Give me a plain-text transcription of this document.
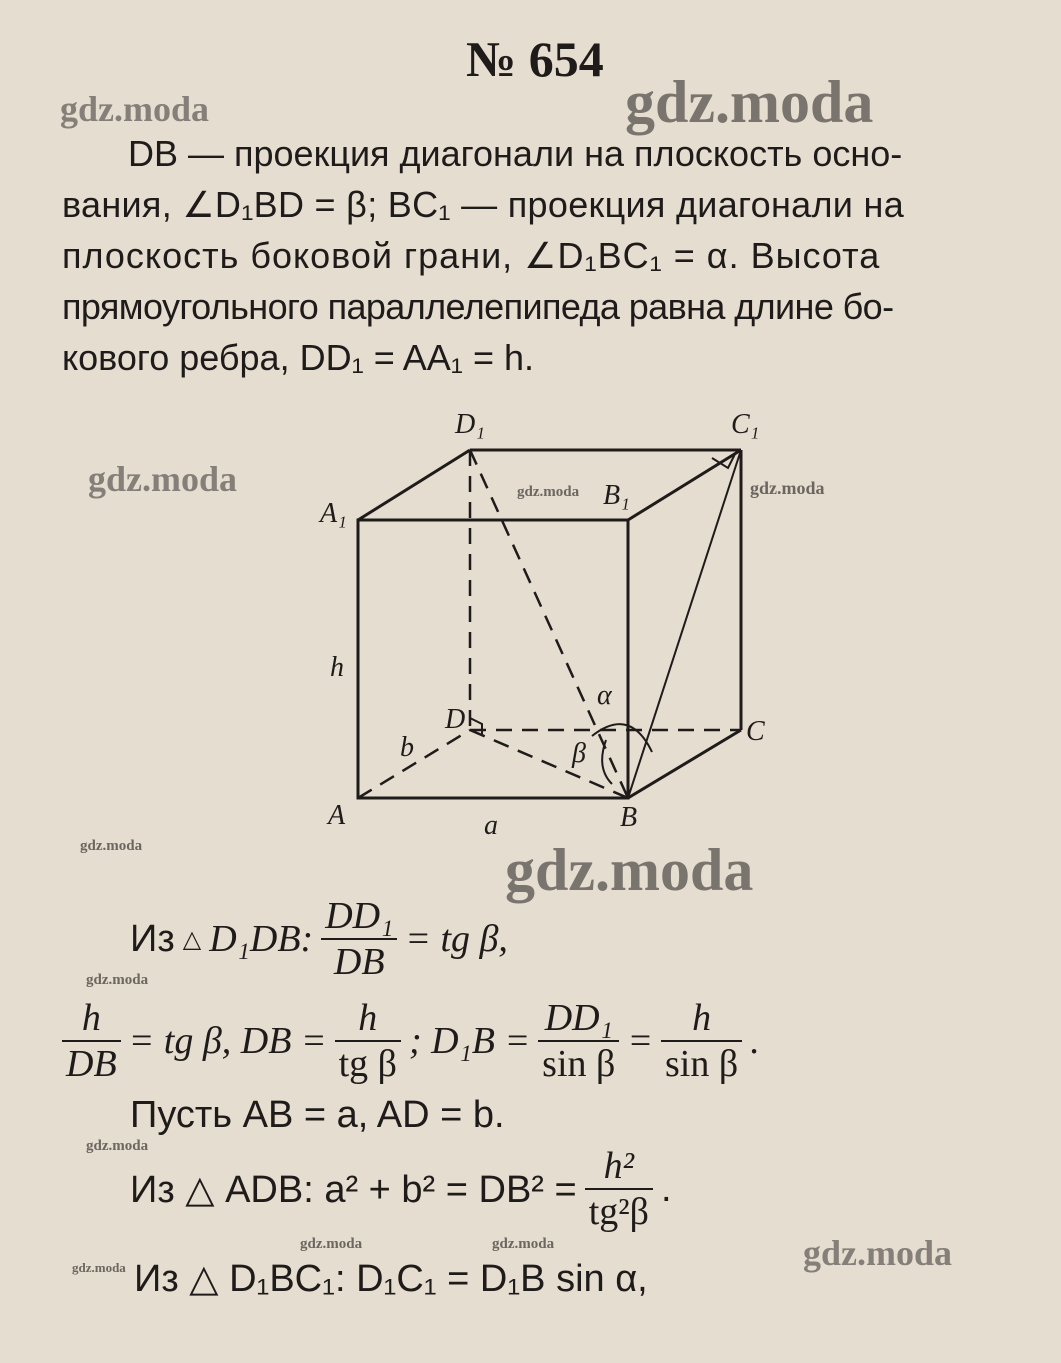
№ 654
gdz.moda	gdz.moda
gdz.moda	gdz.moda	gdz.moda
gdz.moda	gdz.moda
gdz.moda
gdz.moda
gdz.moda	gdz.moda
gdz.moda	gdz.moda
DB — проекция диагонали на плоскость осно-
вания, ∠D₁BD = β; BC₁ — проекция диагонали на
плоскость боковой грани, ∠D₁BC₁ = α. Высота
прямоугольного параллелепипеда равна длине бо-
кового ребра, DD₁ = AA₁ = h.
D₁	C₁
A₁
B₁
D	C
A	B
h
b
a
α
β
Из △ D₁DB: $\frac{\text{DD₁}}{DB}$ = tg β,
$\frac{h}{DB}$ = tg β, DB = $\frac{h}{\text{tg β}}$ ; $D_1B = \frac{\text{DD₁}}{\text{sin β}} = \frac{h}{\text{sin β}}$ .
Пусть AB = a, AD = b.
Из △ ADB: $a^2 + b^2 = DB^2 = \frac{\text{h²}}{\text{tg²β}}$ .
Из △ D₁BC₁: D₁C₁ = D₁B sin α,
